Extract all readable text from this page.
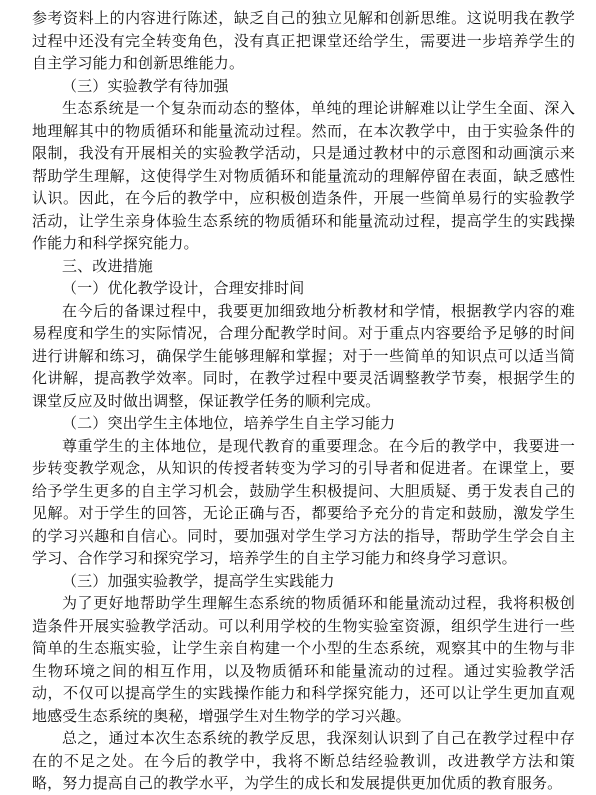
参考资料上的内容进行陈述，缺乏自己的独立见解和创新思维。这说明我在教学过程中还没有完全转变角色，没有真正把课堂还给学生，需要进一步培养学生的自主学习能力和创新思维能力。

（三）实验教学有待加强

生态系统是一个复杂而动态的整体，单纯的理论讲解难以让学生全面、深入地理解其中的物质循环和能量流动过程。然而，在本次教学中，由于实验条件的限制，我没有开展相关的实验教学活动，只是通过教材中的示意图和动画演示来帮助学生理解，这使得学生对物质循环和能量流动的理解停留在表面，缺乏感性认识。因此，在今后的教学中，应积极创造条件，开展一些简单易行的实验教学活动，让学生亲身体验生态系统的物质循环和能量流动过程，提高学生的实践操作能力和科学探究能力。

三、改进措施

（一）优化教学设计，合理安排时间

在今后的备课过程中，我要更加细致地分析教材和学情，根据教学内容的难易程度和学生的实际情况，合理分配教学时间。对于重点内容要给予足够的时间进行讲解和练习，确保学生能够理解和掌握；对于一些简单的知识点可以适当简化讲解，提高教学效率。同时，在教学过程中要灵活调整教学节奏，根据学生的课堂反应及时做出调整，保证教学任务的顺利完成。

（二）突出学生主体地位，培养学生自主学习能力

尊重学生的主体地位，是现代教育的重要理念。在今后的教学中，我要进一步转变教学观念，从知识的传授者转变为学习的引导者和促进者。在课堂上，要给予学生更多的自主学习机会，鼓励学生积极提问、大胆质疑、勇于发表自己的见解。对于学生的回答，无论正确与否，都要给予充分的肯定和鼓励，激发学生的学习兴趣和自信心。同时，要加强对学生学习方法的指导，帮助学生学会自主学习、合作学习和探究学习，培养学生的自主学习能力和终身学习意识。

（三）加强实验教学，提高学生实践能力

为了更好地帮助学生理解生态系统的物质循环和能量流动过程，我将积极创造条件开展实验教学活动。可以利用学校的生物实验室资源，组织学生进行一些简单的生态瓶实验，让学生亲自构建一个小型的生态系统，观察其中的生物与非生物环境之间的相互作用，以及物质循环和能量流动的过程。通过实验教学活动，不仅可以提高学生的实践操作能力和科学探究能力，还可以让学生更加直观地感受生态系统的奥秘，增强学生对生物学的学习兴趣。

总之，通过本次生态系统的教学反思，我深刻认识到了自己在教学过程中存在的不足之处。在今后的教学中，我将不断总结经验教训，改进教学方法和策略，努力提高自己的教学水平，为学生的成长和发展提供更加优质的教育服务。
